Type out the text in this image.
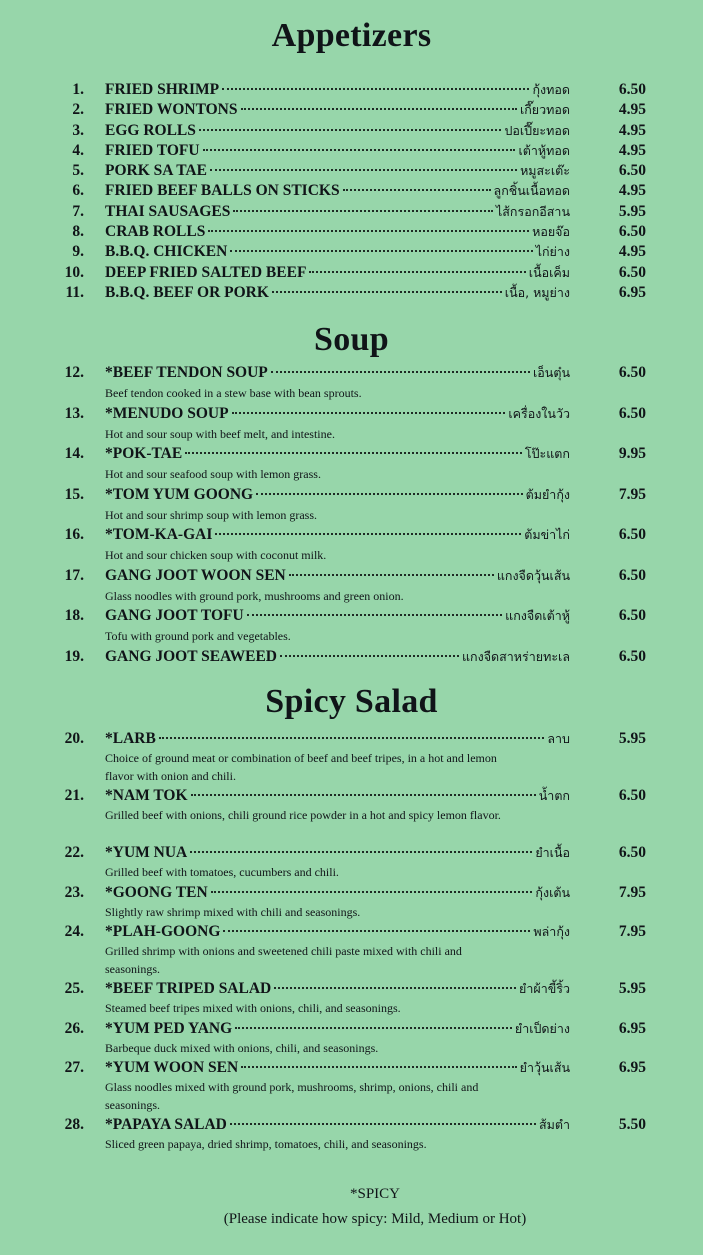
Appetizers
1. FRIED SHRIMP	กุ้งทอด	6.50
2. FRIED WONTONS	เกี๊ยวทอด	4.95
3. EGG ROLLS	ปอเปี๊ยะทอด	4.95
4. FRIED TOFU	เต้าหู้ทอด	4.95
5. PORK SA TAE	หมูสะเต๊ะ	6.50
6. FRIED BEEF BALLS ON STICKS	ลูกชิ้นเนื้อทอด	4.95
7. THAI SAUSAGES	ไส้กรอกอีสาน	5.95
8. CRAB ROLLS	หอยจ๊อ	6.50
9. B.B.Q. CHICKEN	ไก่ย่าง	4.95
10. DEEP FRIED SALTED BEEF	เนื้อเค็ม	6.50
11. B.B.Q. BEEF OR PORK	เนื้อ, หมูย่าง	6.95
Soup
12. *BEEF TENDON SOUP	เอ็นตุ๋น	6.50
Beef tendon cooked in a stew base with bean sprouts.
13. *MENUDO SOUP	เครื่องในวัว	6.50
Hot and sour soup with beef melt, and intestine.
14. *POK-TAE	โป๊ะแตก	9.95
Hot and sour seafood soup with lemon grass.
15. *TOM YUM GOONG	ต้มยำกุ้ง	7.95
Hot and sour shrimp soup with lemon grass.
16. *TOM-KA-GAI	ต้มข่าไก่	6.50
Hot and sour chicken soup with coconut milk.
17. GANG JOOT WOON SEN	แกงจืดวุ้นเส้น	6.50
Glass noodles with ground pork, mushrooms and green onion.
18. GANG JOOT TOFU	แกงจืดเต้าหู้	6.50
Tofu with ground pork and vegetables.
19. GANG JOOT SEAWEED	แกงจืดสาหร่ายทะเล	6.50
Spicy Salad
20. *LARB	ลาบ	5.95
Choice of ground meat or combination of beef and beef tripes, in a hot and lemon flavor with onion and chili.
21. *NAM TOK	น้ำตก	6.50
Grilled beef with onions, chili ground rice powder in a hot and spicy lemon flavor.
22. *YUM NUA	ยำเนื้อ	6.50
Grilled beef with tomatoes, cucumbers and chili.
23. *GOONG TEN	กุ้งเต้น	7.95
Slightly raw shrimp mixed with chili and seasonings.
24. *PLAH-GOONG	พล่ากุ้ง	7.95
Grilled shrimp with onions and sweetened chili paste mixed with chili and seasonings.
25. *BEEF TRIPED SALAD	ยำผ้าขี้ริ้ว	5.95
Steamed beef tripes mixed with onions, chili, and seasonings.
26. *YUM PED YANG	ยำเป็ดย่าง	6.95
Barbeque duck mixed with onions, chili, and seasonings.
27. *YUM WOON SEN	ยำวุ้นเส้น	6.95
Glass noodles mixed with ground pork, mushrooms, shrimp, onions, chili and seasonings.
28. *PAPAYA SALAD	ส้มตำ	5.50
Sliced green papaya, dried shrimp, tomatoes, chili, and seasonings.
*SPICY
(Please indicate how spicy: Mild, Medium or Hot)
